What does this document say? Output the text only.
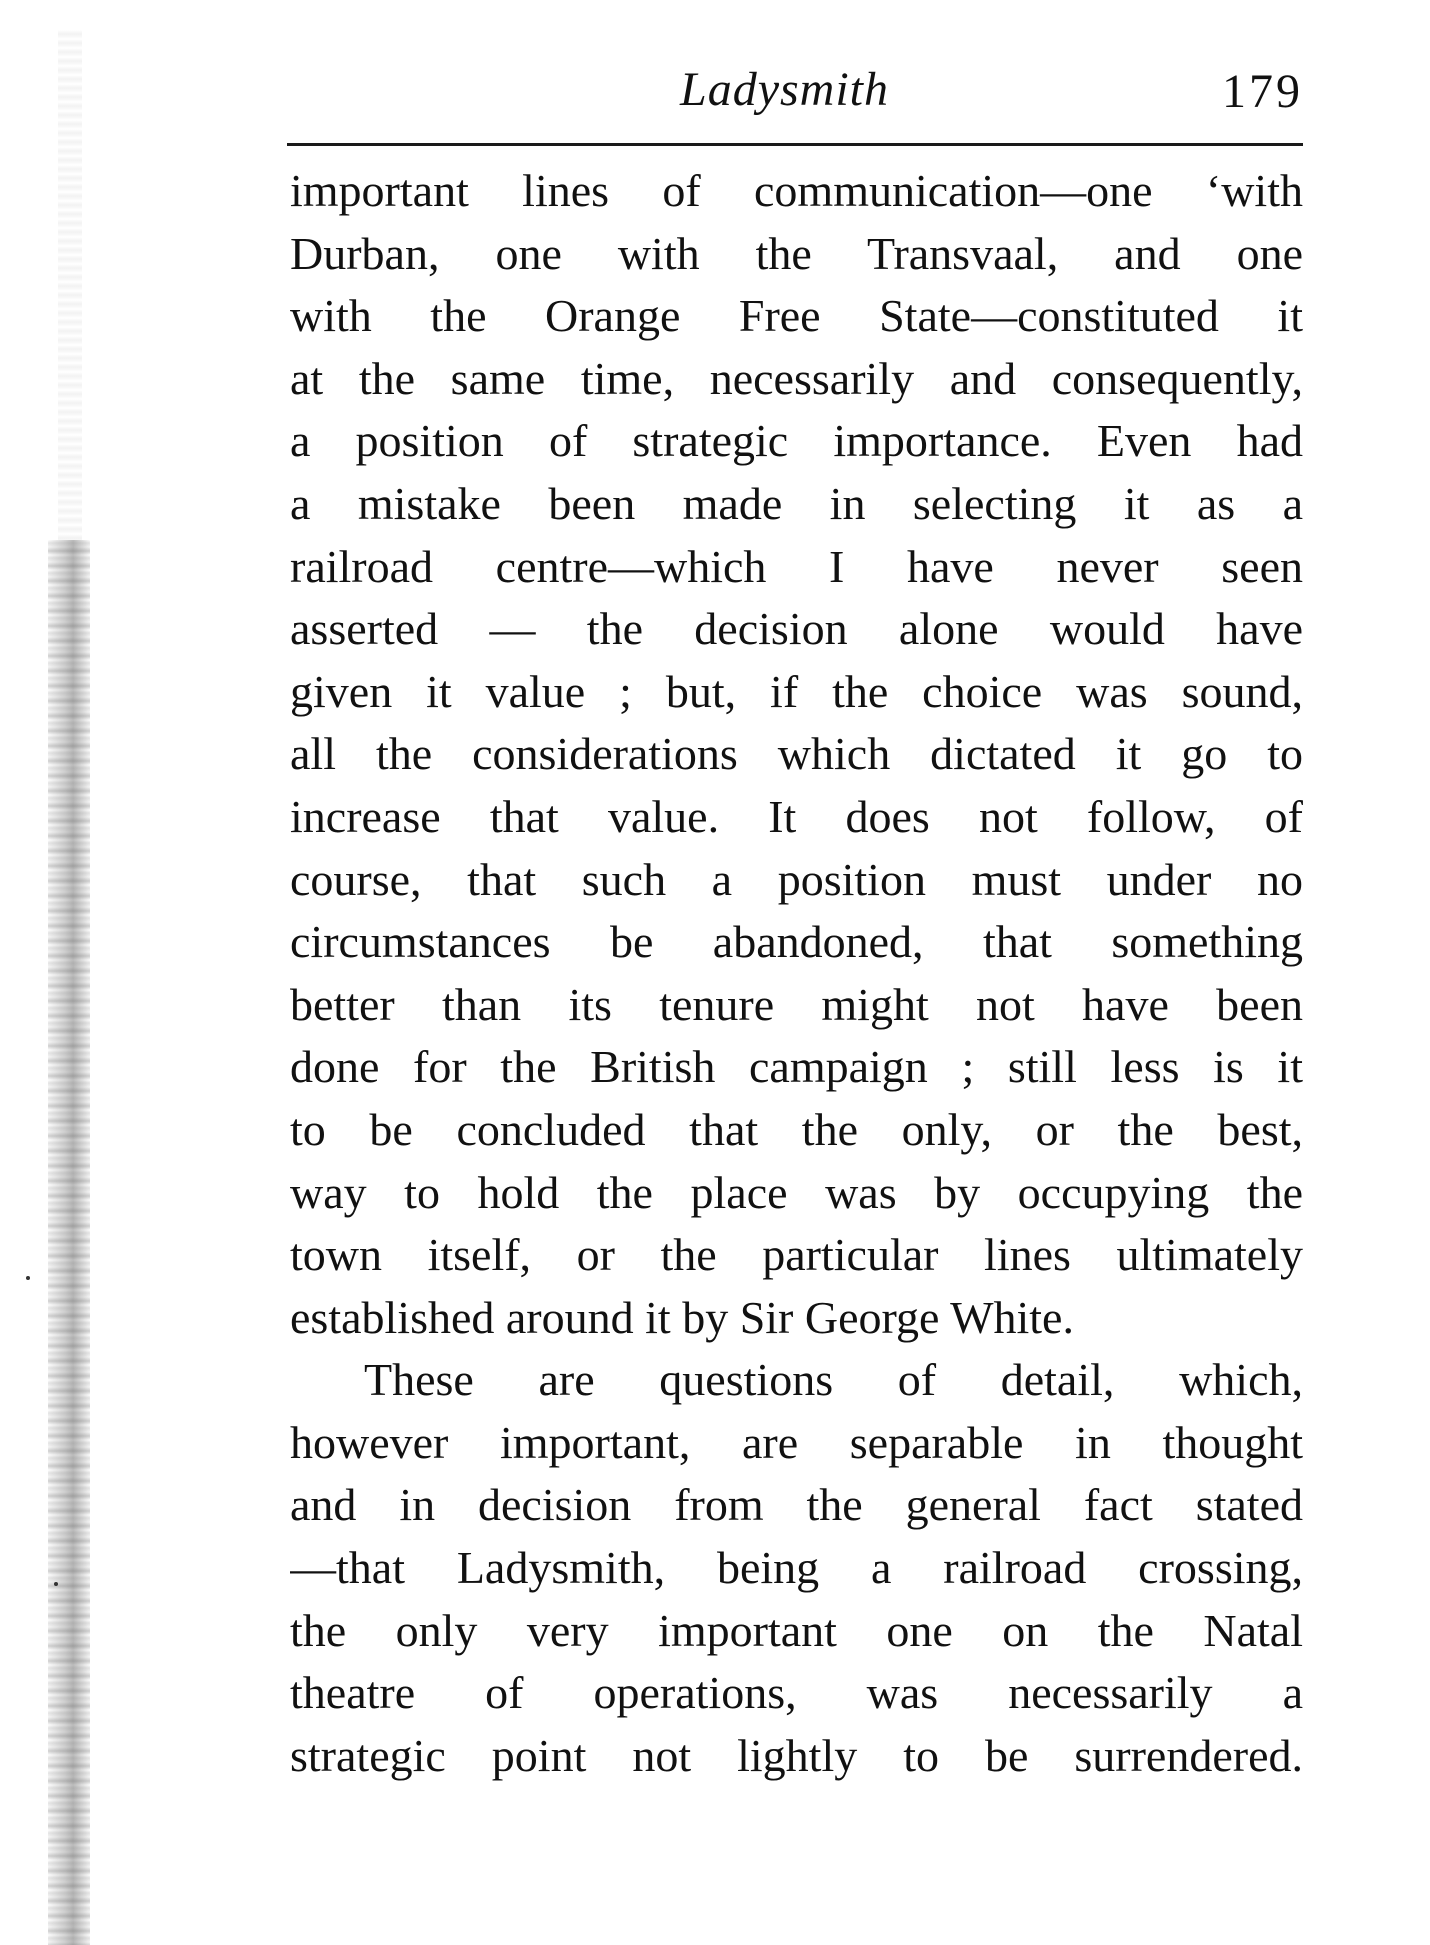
Ladysmith	179
important lines of communication—one ‘with
Durban, one with the Transvaal, and one
with the Orange Free State—constituted it
at the same time, necessarily and consequently,
a position of strategic importance. Even had
a mistake been made in selecting it as a
railroad centre—which I have never seen
asserted — the decision alone would have
given it value ; but, if the choice was sound,
all the considerations which dictated it go to
increase that value. It does not follow, of
course, that such a position must under no
circumstances be abandoned, that something
better than its tenure might not have been
done for the British campaign ; still less is it
to be concluded that the only, or the best,
way to hold the place was by occupying the
town itself, or the particular lines ultimately
established around it by Sir George White.
These are questions of detail, which,
however important, are separable in thought
and in decision from the general fact stated
—that Ladysmith, being a railroad crossing,
the only very important one on the Natal
theatre of operations, was necessarily a
strategic point not lightly to be surrendered.
